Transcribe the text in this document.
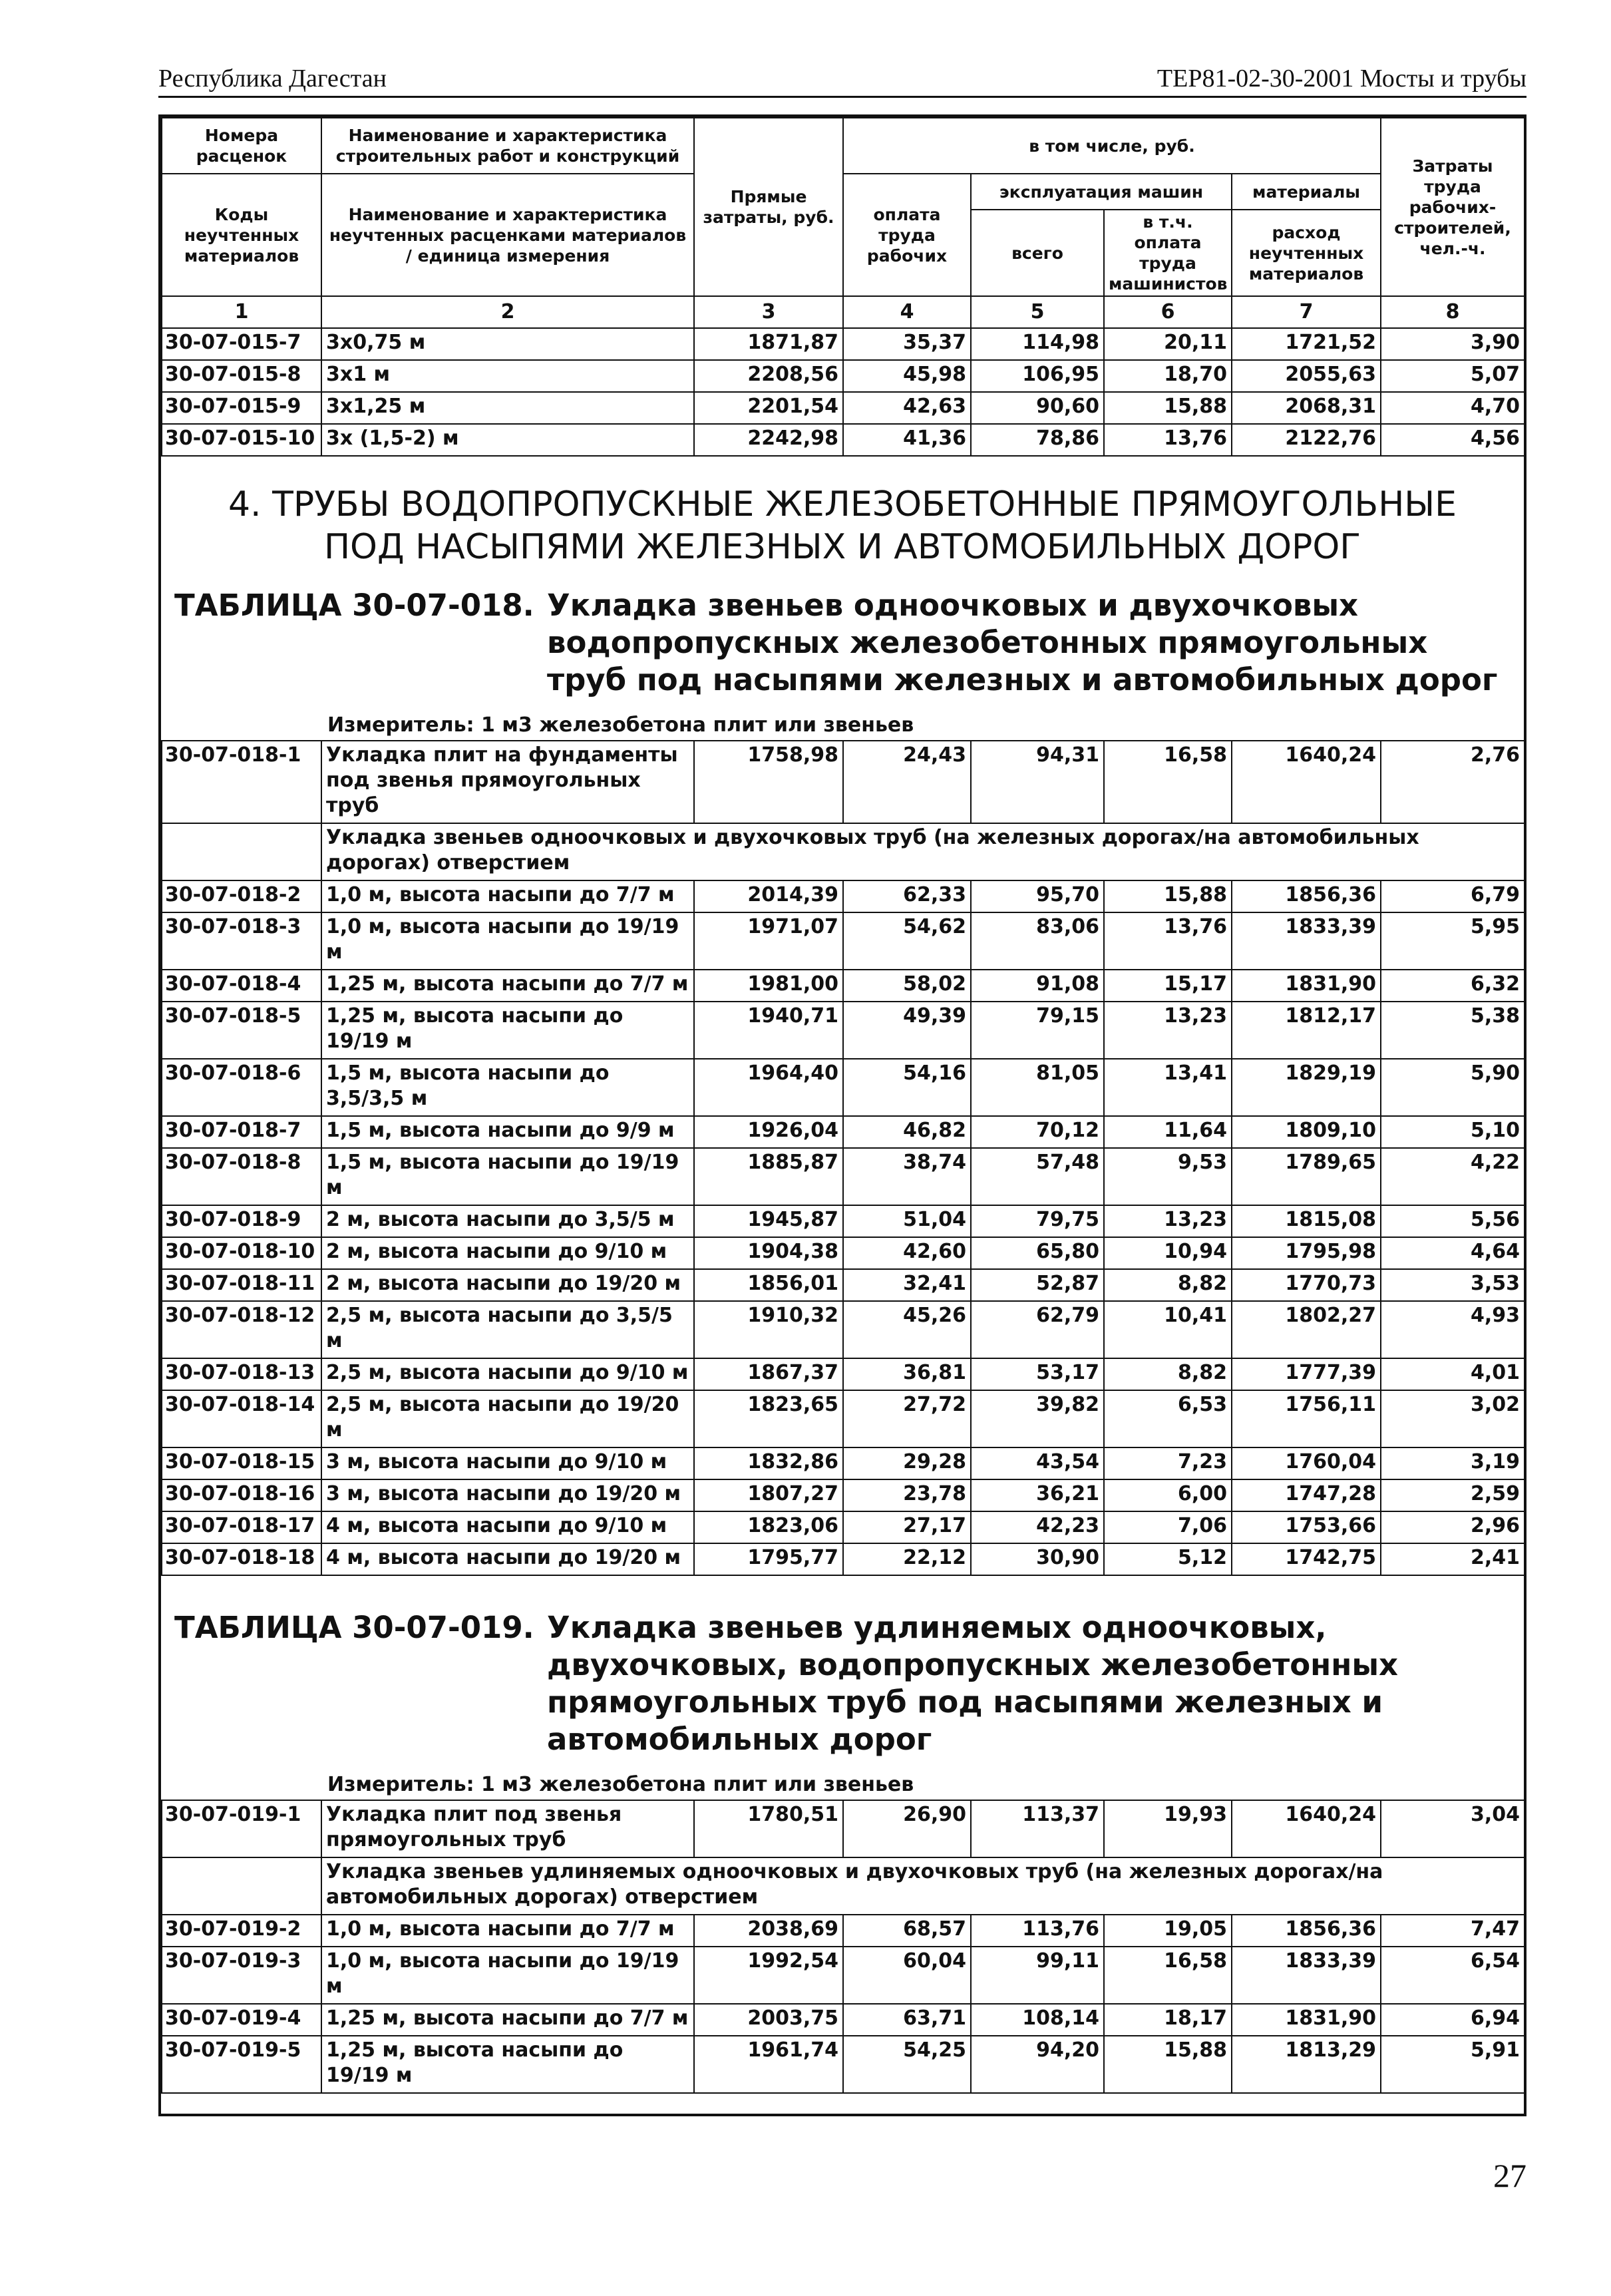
Республика Дагестан	ТЕР81-02-30-2001 Мосты и трубы
Номера расценок	Наименование и характеристика строительных работ и конструкций	Прямые затраты, руб.	в том числе, руб.				Затраты труда рабочих-строителей, чел.-ч.
Коды неучтенных материалов	Наименование и характеристика неучтенных расценками материалов / единица измерения		оплата труда рабочих	эксплуатация машин		материалы	
				всего	в т.ч. оплата труда машинистов	расход неучтенных материалов	

1	2	3	4	5	6	7	8
30-07-015-7	3х0,75 м	1871,87	35,37	114,98	20,11	1721,52	3,90
30-07-015-8	3х1 м	2208,56	45,98	106,95	18,70	2055,63	5,07
30-07-015-9	3х1,25 м	2201,54	42,63	90,60	15,88	2068,31	4,70
30-07-015-10	3х (1,5-2) м	2242,98	41,36	78,86	13,76	2122,76	4,56
4. ТРУБЫ ВОДОПРОПУСКНЫЕ ЖЕЛЕЗОБЕТОННЫЕ ПРЯМОУГОЛЬНЫЕ
ПОД НАСЫПЯМИ ЖЕЛЕЗНЫХ И АВТОМОБИЛЬНЫХ ДОРОГ
ТАБЛИЦА 30-07-018. Укладка звеньев одноочковых и двухочковых водопропускных железобетонных прямоугольных труб под насыпями железных и автомобильных дорог
Измеритель: 1 м3 железобетона плит или звеньев
30-07-018-1	Укладка плит на фундаменты под звенья прямоугольных труб	1758,98	24,43	94,31	16,58	1640,24	2,76
	Укладка звеньев одноочковых и двухочковых труб (на железных дорогах/на автомобильных дорогах) отверстием						
30-07-018-2	1,0 м, высота насыпи до 7/7 м	2014,39	62,33	95,70	15,88	1856,36	6,79
30-07-018-3	1,0 м, высота насыпи до 19/19 м	1971,07	54,62	83,06	13,76	1833,39	5,95
30-07-018-4	1,25 м, высота насыпи до 7/7 м	1981,00	58,02	91,08	15,17	1831,90	6,32
30-07-018-5	1,25 м, высота насыпи до 19/19 м	1940,71	49,39	79,15	13,23	1812,17	5,38
30-07-018-6	1,5 м, высота насыпи до 3,5/3,5 м	1964,40	54,16	81,05	13,41	1829,19	5,90
30-07-018-7	1,5 м, высота насыпи до 9/9 м	1926,04	46,82	70,12	11,64	1809,10	5,10
30-07-018-8	1,5 м, высота насыпи до 19/19 м	1885,87	38,74	57,48	9,53	1789,65	4,22
30-07-018-9	2 м, высота насыпи до 3,5/5 м	1945,87	51,04	79,75	13,23	1815,08	5,56
30-07-018-10	2 м, высота насыпи до 9/10 м	1904,38	42,60	65,80	10,94	1795,98	4,64
30-07-018-11	2 м, высота насыпи до 19/20 м	1856,01	32,41	52,87	8,82	1770,73	3,53
30-07-018-12	2,5 м, высота насыпи до 3,5/5 м	1910,32	45,26	62,79	10,41	1802,27	4,93
30-07-018-13	2,5 м, высота насыпи до 9/10 м	1867,37	36,81	53,17	8,82	1777,39	4,01
30-07-018-14	2,5 м, высота насыпи до 19/20 м	1823,65	27,72	39,82	6,53	1756,11	3,02
30-07-018-15	3 м, высота насыпи до 9/10 м	1832,86	29,28	43,54	7,23	1760,04	3,19
30-07-018-16	3 м, высота насыпи до 19/20 м	1807,27	23,78	36,21	6,00	1747,28	2,59
30-07-018-17	4 м, высота насыпи до 9/10 м	1823,06	27,17	42,23	7,06	1753,66	2,96
30-07-018-18	4 м, высота насыпи до 19/20 м	1795,77	22,12	30,90	5,12	1742,75	2,41
ТАБЛИЦА 30-07-019. Укладка звеньев удлиняемых одноочковых, двухочковых, водопропускных железобетонных прямоугольных труб под насыпями железных и автомобильных дорог
Измеритель: 1 м3 железобетона плит или звеньев
30-07-019-1	Укладка плит под звенья прямоугольных труб	1780,51	26,90	113,37	19,93	1640,24	3,04
	Укладка звеньев удлиняемых одноочковых и двухочковых труб (на железных дорогах/на автомобильных дорогах) отверстием						
30-07-019-2	1,0 м, высота насыпи до 7/7 м	2038,69	68,57	113,76	19,05	1856,36	7,47
30-07-019-3	1,0 м, высота насыпи до 19/19 м	1992,54	60,04	99,11	16,58	1833,39	6,54
30-07-019-4	1,25 м, высота насыпи до 7/7 м	2003,75	63,71	108,14	18,17	1831,90	6,94
30-07-019-5	1,25 м, высота насыпи до 19/19 м	1961,74	54,25	94,20	15,88	1813,29	5,91
27
